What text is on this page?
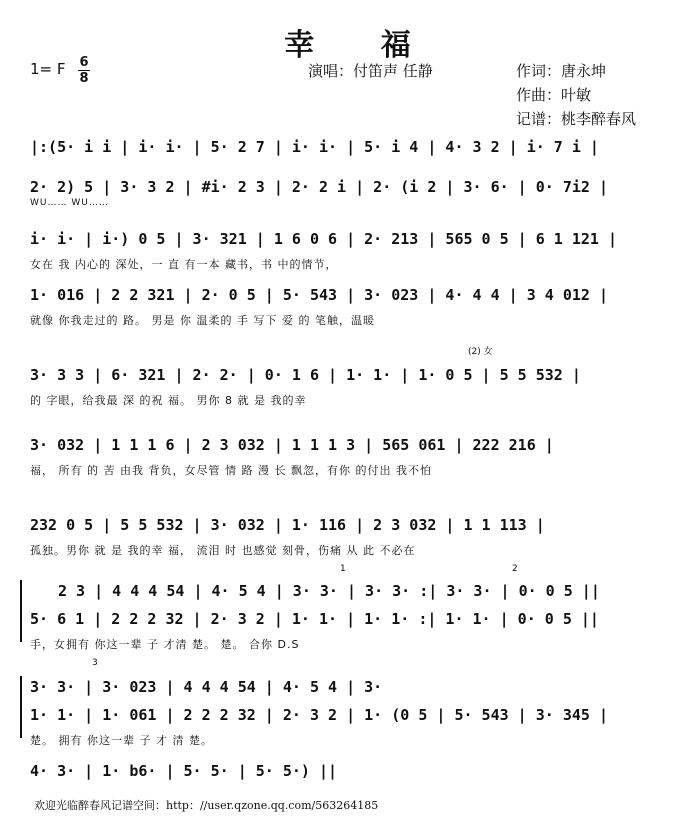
幸 福
1= F 6
8	演唱：付笛声 任静	作词：唐永坤
作曲：叶敏
记谱：桃李醉春风
|:(5· i i | i· i· | 5· 2 7 | i· i· | 5· i 4 | 4· 3 2 | i· 7 i |
2· 2) 5 | 3· 3 2 | #i· 2 3 | 2· 2 i | 2· (i 2 | 3· 6· | 0· 7i2 |
WU…… WU……
i· i· | i·) 0 5 | 3· 321 | 1 6 0 6 | 2· 213 | 565 0 5 | 6 1 121 |
女在 我 内心的 深处，一 直 有一本 藏书，书 中的情节，
1· 016 | 2 2 321 | 2· 0 5 | 5· 543 | 3· 023 | 4· 4 4 | 3 4 012 |
就像 你我走过的 路。 男是 你 温柔的 手 写下 爱 的 笔触，温暖
(2) 女
3· 3 3 | 6· 321 | 2· 2· | 0· 1 6 | 1· 1· | 1· 0 5 | 5 5 532 |
的 字眼，给我最 深 的祝 福。 男你 8 就 是 我的幸
3· 032 | 1 1 1 6 | 2 3 032 | 1 1 1 3 | 565 061 | 222 216 |
福， 所有 的 苦 由我 背负，女尽管 情 路 漫 长 飘忽，有你 的付出 我不怕
232 0 5 | 5 5 532 | 3· 032 | 1· 116 | 2 3 032 | 1 1 113 |
孤独。男你 就 是 我的幸 福， 流泪 时 也感觉 刻骨，伤痛 从 此 不必在
1	2
2 3 | 4 4 4 54 | 4· 5 4 | 3· 3· | 3· 3· :| 3· 3· | 0· 0 5 ||
5· 6 1 | 2 2 2 32 | 2· 3 2 | 1· 1· | 1· 1· :| 1· 1· | 0· 0 5 ||
手，女拥有 你这一辈 子 才清 楚。 楚。 合你 D.S
3
3· 3· | 3· 023 | 4 4 4 54 | 4· 5 4 | 3·
1· 1· | 1· 061 | 2 2 2 32 | 2· 3 2 | 1· (0 5 | 5· 543 | 3· 345 |
楚。 拥有 你这一辈 子 才 清 楚。
4· 3· | 1· b6· | 5· 5· | 5· 5·) ||
欢迎光临醉春风记谱空间：http：//user.qzone.qq.com/563264185
